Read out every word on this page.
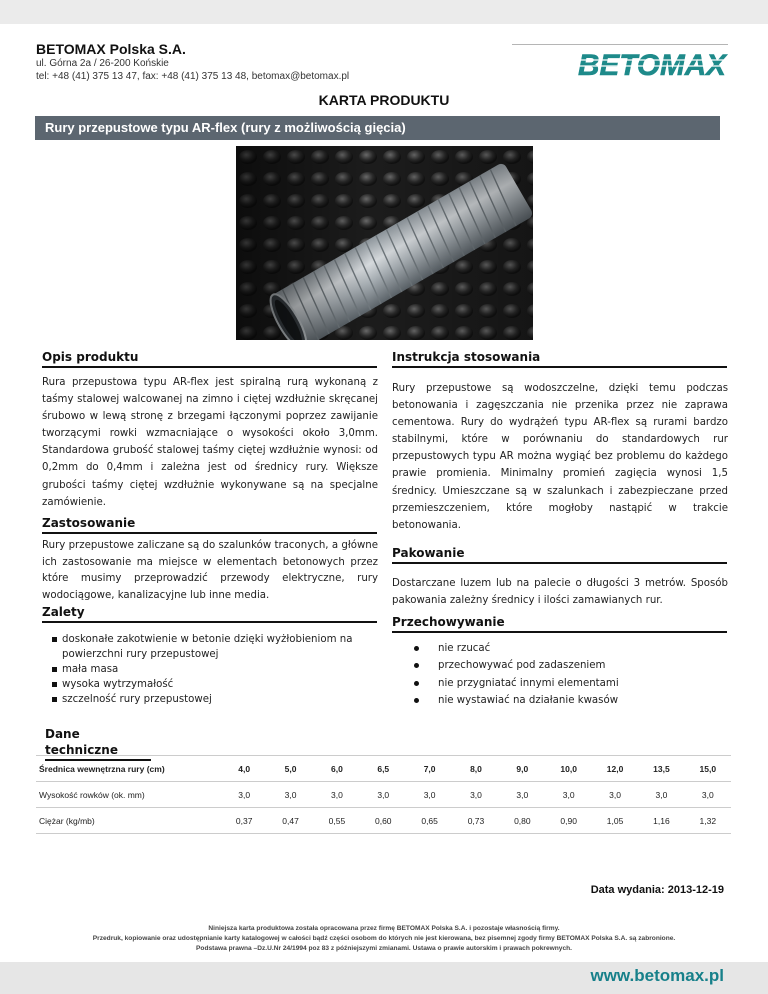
BETOMAX Polska S.A.
ul. Górna 2a / 26-200 Końskie
tel: +48 (41) 375 13 47, fax: +48 (41) 375 13 48, betomax@betomax.pl	BETOMAX
KARTA PRODUKTU
Rury przepustowe typu AR-flex (rury z możliwością gięcia)
Opis produktu
Rura przepustowa typu AR-flex jest spiralną rurą wykonaną z taśmy stalowej walcowanej na zimno i ciętej wzdłużnie skręcanej śrubowo w lewą stronę z brzegami łączonymi poprzez zawijanie tworzącymi rowki wzmacniające o wysokości około 3,0mm. Standardowa grubość stalowej taśmy ciętej wzdłużnie wynosi: od 0,2mm do 0,4mm i zależna jest od średnicy rury. Większe grubości taśmy ciętej wzdłużnie wykonywane są na specjalne zamówienie.
Zastosowanie
Rury przepustowe zaliczane są do szalunków traconych, a główne ich zastosowanie ma miejsce w elementach betonowych przez które musimy przeprowadzić przewody elektryczne, rury wodociągowe, kanalizacyjne lub inne media.
Zalety
doskonałe zakotwienie w betonie dzięki wyżłobieniom na powierzchni rury przepustowej
mała masa
wysoka wytrzymałość
szczelność rury przepustowej
Instrukcja stosowania
Rury przepustowe są wodoszczelne, dzięki temu podczas betonowania i zagęszczania nie przenika przez nie zaprawa cementowa. Rury do wydrążeń typu AR-flex są rurami bardzo stabilnymi, które w porównaniu do standardowych rur przepustowych typu AR można wygiąć bez problemu do każdego prawie promienia. Minimalny promień zagięcia wynosi 1,5 średnicy. Umieszczane są w szalunkach i zabezpieczane przed przemieszczeniem, które mogłoby nastąpić w trakcie betonowania.
Pakowanie
Dostarczane luzem lub na palecie o długości 3 metrów. Sposób pakowania zależny średnicy i ilości zamawianych rur.
Przechowywanie
nie rzucać
przechowywać pod zadaszeniem
nie przygniatać innymi elementami
nie wystawiać na działanie kwasów
Dane techniczne
Średnica wewnętrzna rury (cm)	4,0	5,0	6,0	6,5	7,0	8,0	9,0	10,0	12,0	13,5	15,0
Wysokość rowków (ok. mm)	3,0	3,0	3,0	3,0	3,0	3,0	3,0	3,0	3,0	3,0	3,0
Ciężar (kg/mb)	0,37	0,47	0,55	0,60	0,65	0,73	0,80	0,90	1,05	1,16	1,32
Data wydania: 2013-12-19
Niniejsza karta produktowa została opracowana przez firmę BETOMAX Polska S.A. i pozostaje własnością firmy.
Przedruk, kopiowanie oraz udostępnianie karty katalogowej w całości bądź części osobom do których nie jest kierowana, bez pisemnej zgody firmy BETOMAX Polska S.A. są zabronione.
Podstawa prawna –Dz.U.Nr 24/1994 poz 83 z późniejszymi zmianami. Ustawa o prawie autorskim i prawach pokrewnych.
www.betomax.pl
